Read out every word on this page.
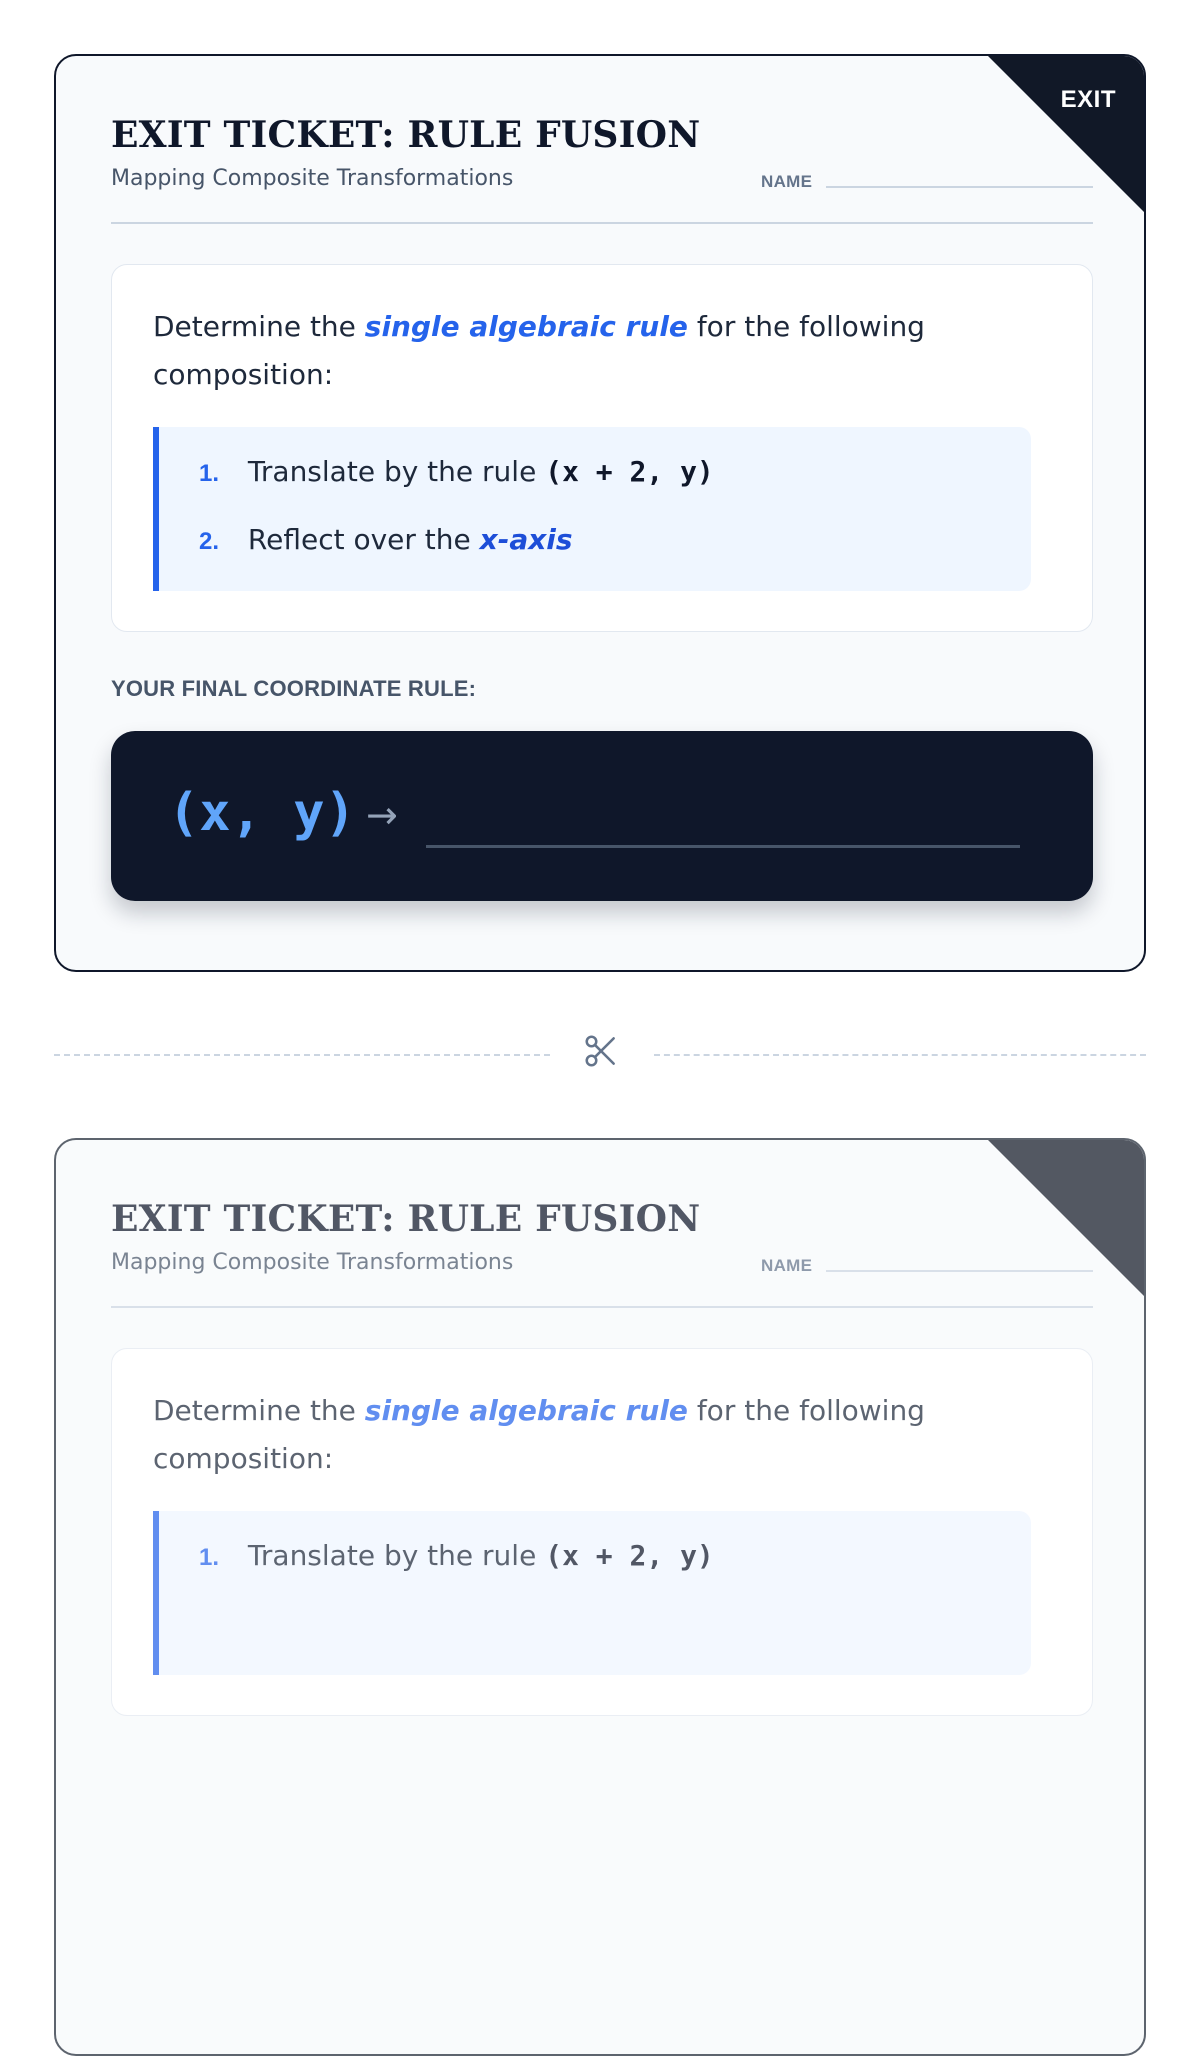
EXIT
EXIT TICKET: RULE FUSION
Mapping Composite Transformations	NAME

Determine the single algebraic rule for the following composition:

1. Translate by the rule (x + 2, y)
2. Reflect over the x-axis
YOUR FINAL COORDINATE RULE:
(x, y) →
EXIT TICKET: RULE FUSION
Mapping Composite Transformations	NAME

Determine the single algebraic rule for the following composition:

1. Translate by the rule (x + 2, y)
